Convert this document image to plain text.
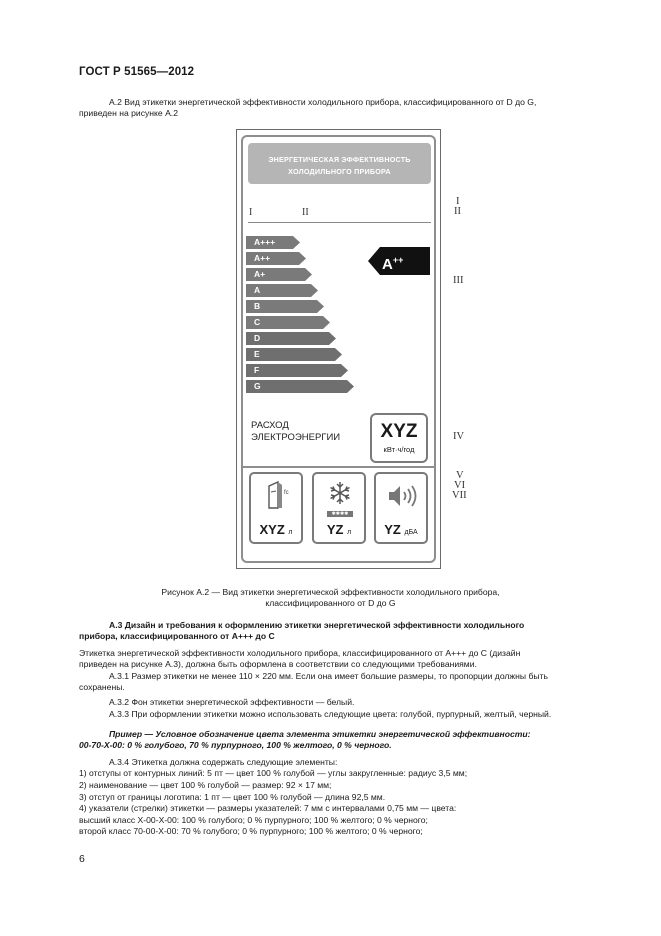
ГОСТ Р 51565—2012
А.2 Вид этикетки энергетической эффективности холодильного прибора, классифицированного от D до G,
приведен на рисунке А.2
ЭНЕРГЕТИЧЕСКАЯ ЭФФЕКТИВНОСТЬ
ХОЛОДИЛЬНОГО ПРИБОРА
I	II
A+++
A++
A+
A
B
C
D
E
F
G
A++
РАСХОД
ЭЛЕКТРОЭНЕРГИИ	XYZ
кВт·ч/год
fc
XYZ л
✱✱✱✱
YZ л	YZ дБА
I
II
III
IV
V
VI
VII
Рисунок А.2 — Вид этикетки энергетической эффективности холодильного прибора,
классифицированного от D до G
А.3 Дизайн и требования к оформлению этикетки энергетической эффективности холодильного
прибора, классифицированного от А+++ до С
Этикетка энергетической эффективности холодильного прибора, классифицированного от А+++ до С (дизайн
приведен на рисунке А.3), должна быть оформлена в соответствии со следующими требованиями.
А.3.1 Размер этикетки не менее 110 × 220 мм. Если она имеет большие размеры, то пропорции должны быть
сохранены.
А.3.2 Фон этикетки энергетической эффективности — белый.
А.3.3 При оформлении этикетки можно использовать следующие цвета: голубой, пурпурный, желтый, черный.
Пример — Условное обозначение цвета элемента этикетки энергетической эффективности:
00-70-Х-00: 0 % голубого, 70 % пурпурного, 100 % желтого, 0 % черного.
А.3.4 Этикетка должна содержать следующие элементы:
1) отступы от контурных линий: 5 пт — цвет 100 % голубой — углы закругленные: радиус 3,5 мм;
2) наименование — цвет 100 % голубой — размер: 92 × 17 мм;
3) отступ от границы логотипа: 1 пт — цвет 100 % голубой — длина 92,5 мм.
4) указатели (стрелки) этикетки — размеры указателей: 7 мм с интервалами 0,75 мм — цвета:
высший класс Х-00-Х-00: 100 % голубого; 0 % пурпурного; 100 % желтого; 0 % черного;
второй класс 70-00-Х-00: 70 % голубого; 0 % пурпурного; 100 % желтого; 0 % черного;
6
